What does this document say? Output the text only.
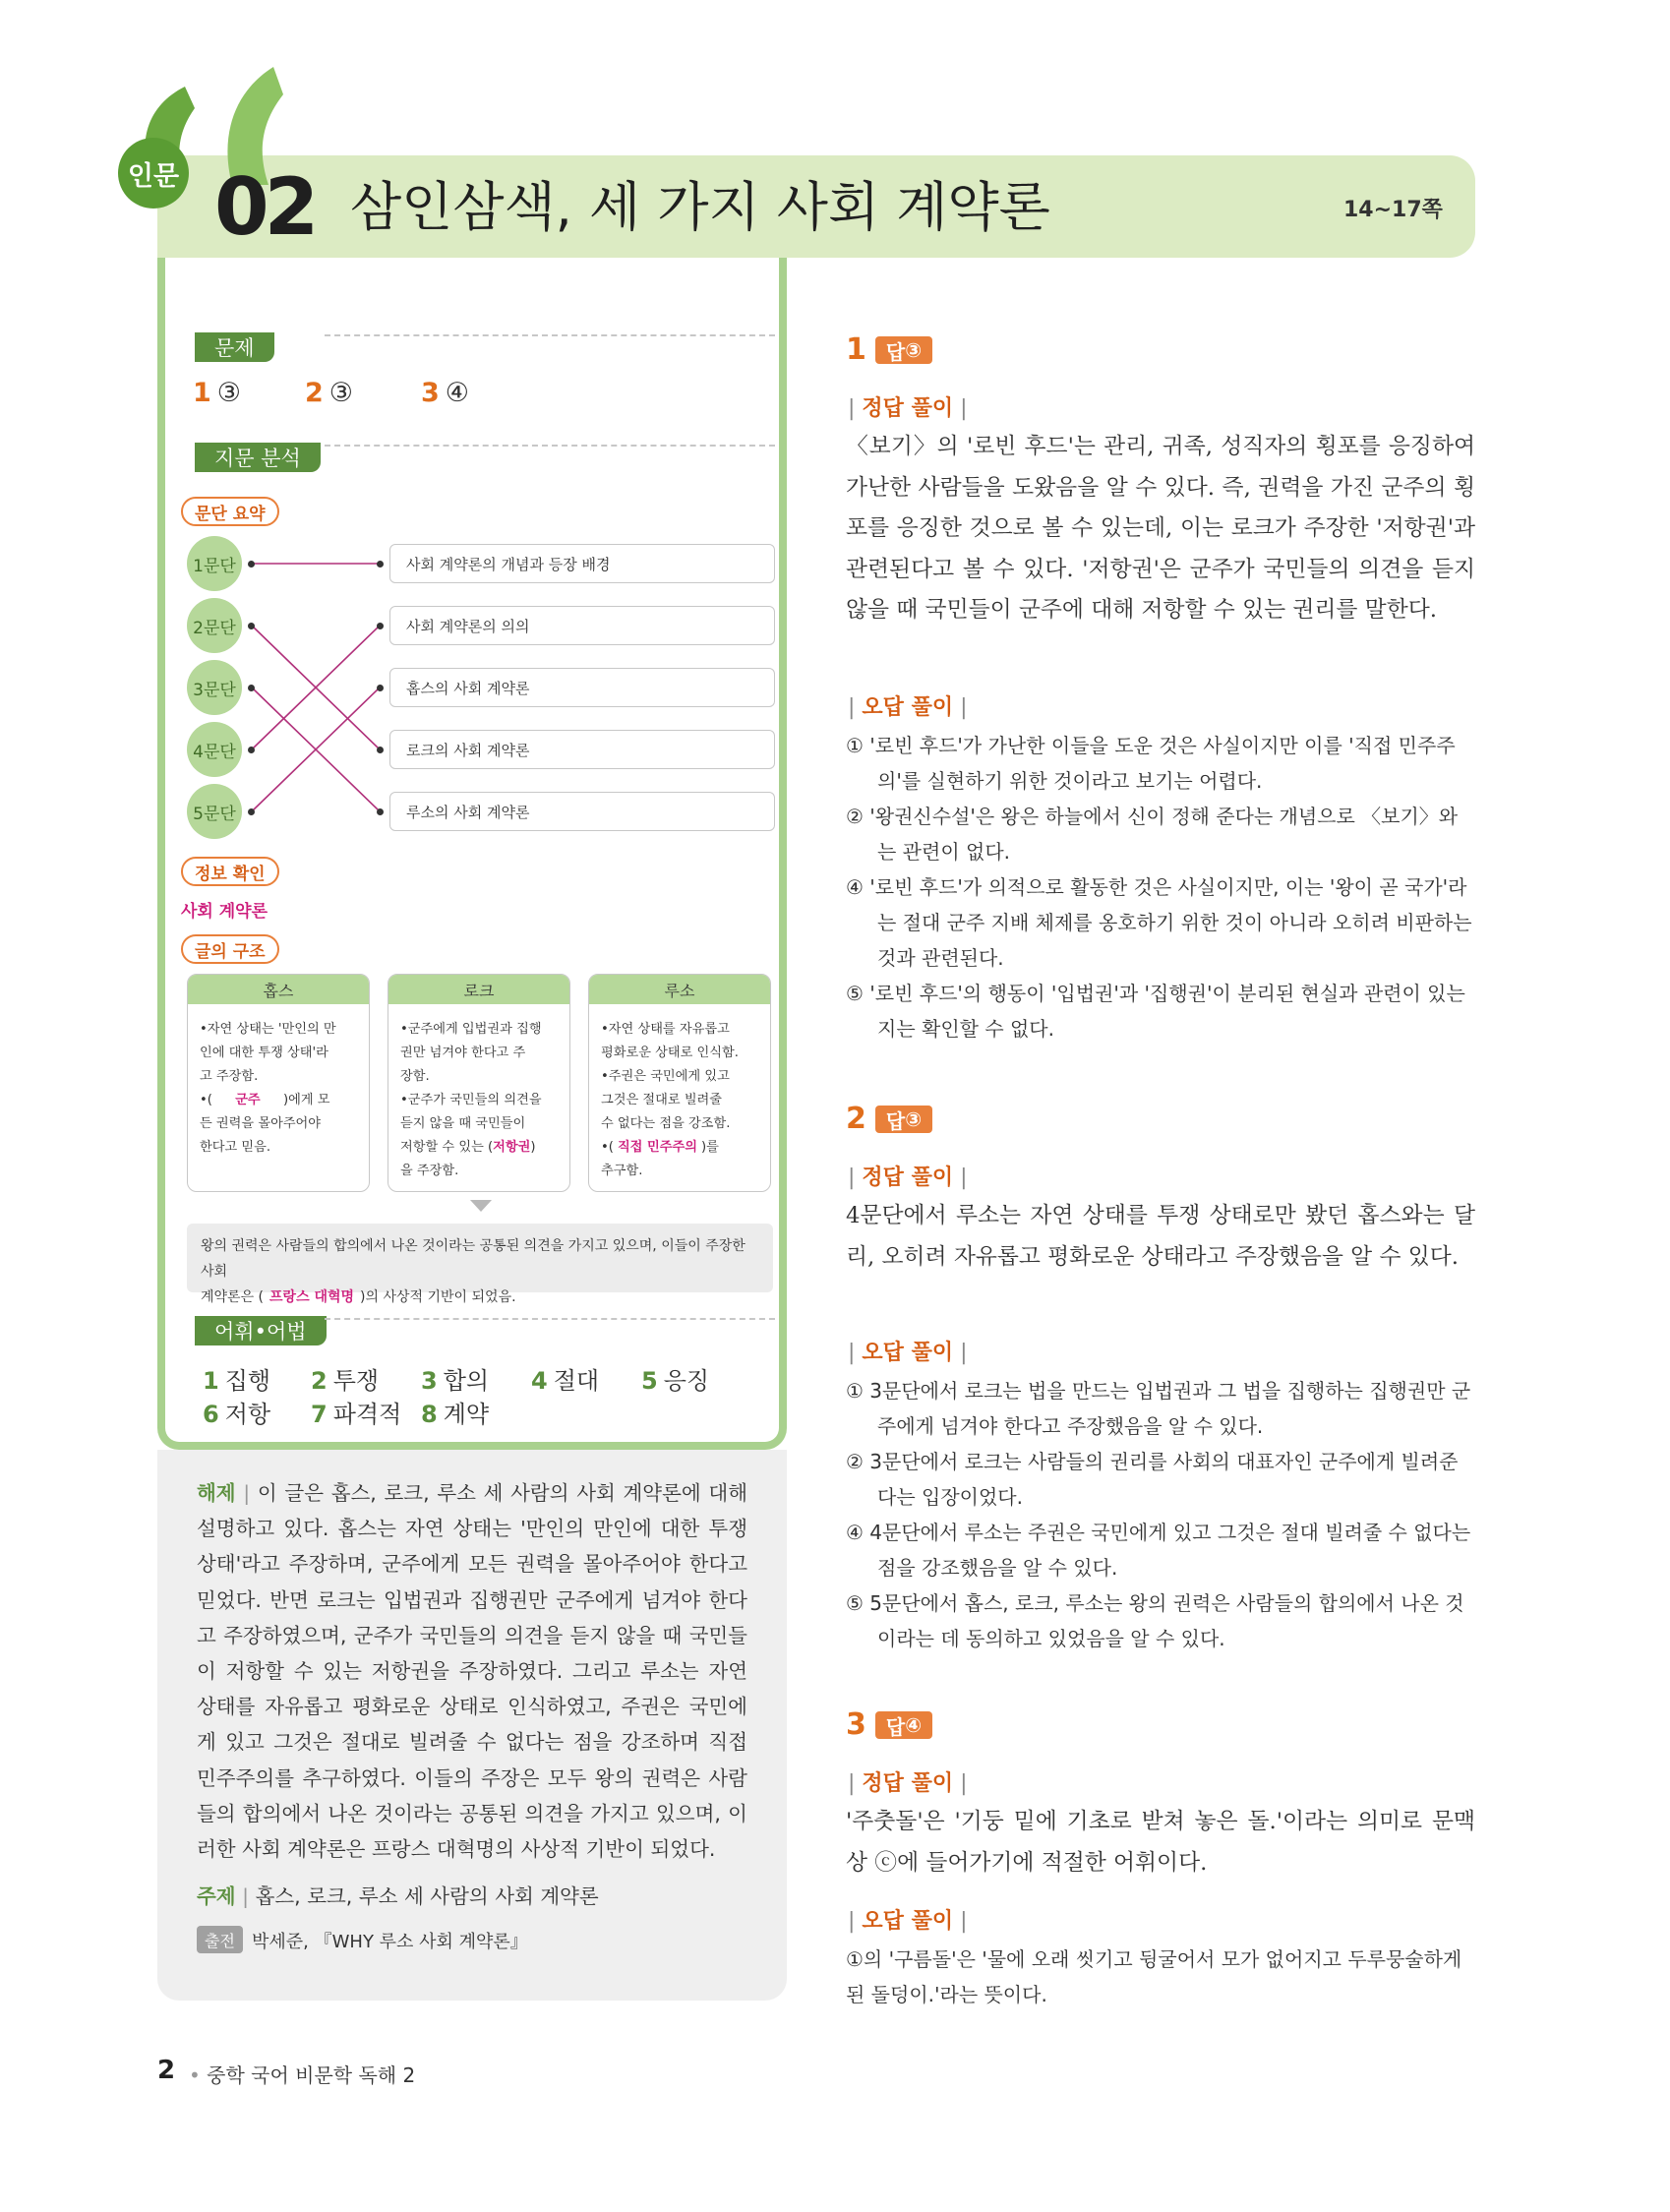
인문 02 삼인삼색, 세 가지 사회 계약론	14~17쪽
문제
1 ③ 2 ③	3 ④
지문 분석
문단 요약
1문단
2문단
3문단
4문단
5문단
사회 계약론의 개념과 등장 배경
사회 계약론의 의의
홉스의 사회 계약론
로크의 사회 계약론
루소의 사회 계약론
정보 확인
사회 계약론
글의 구조
홉스
•자연 상태는 '만인의 만
인에 대한 투쟁 상태'라
고 주장함.
•( 군주 )에게 모
든 권력을 몰아주어야
한다고 믿음.
로크
•군주에게 입법권과 집행
권만 넘겨야 한다고 주
장함.
•군주가 국민들의 의견을
듣지 않을 때 국민들이
저항할 수 있는 (저항권)
을 주장함.
루소
•자연 상태를 자유롭고
평화로운 상태로 인식함.
•주권은 국민에게 있고
그것은 절대로 빌려줄
수 없다는 점을 강조함.
•( 직접 민주주의 )를
추구함.
왕의 권력은 사람들의 합의에서 나온 것이라는 공통된 의견을 가지고 있으며, 이들이 주장한 사회
계약론은 ( 프랑스 대혁명 )의 사상적 기반이 되었음.
어휘•어법
1 집행 2 투쟁 3 합의 4 절대 5 응징
6 저항 7 파격적 8 계약
해제 | 이 글은 홉스, 로크, 루소 세 사람의 사회 계약론에 대해 설명하고 있다. 홉스는 자연 상태는 '만인의 만인에 대한 투쟁 상태'라고 주장하며, 군주에게 모든 권력을 몰아주어야 한다고 믿었다. 반면 로크는 입법권과 집행권만 군주에게 넘겨야 한다고 주장하였으며, 군주가 국민들의 의견을 듣지 않을 때 국민들이 저항할 수 있는 저항권을 주장하였다. 그리고 루소는 자연 상태를 자유롭고 평화로운 상태로 인식하였고, 주권은 국민에게 있고 그것은 절대로 빌려줄 수 없다는 점을 강조하며 직접 민주주의를 추구하였다. 이들의 주장은 모두 왕의 권력은 사람들의 합의에서 나온 것이라는 공통된 의견을 가지고 있으며, 이러한 사회 계약론은 프랑스 대혁명의 사상적 기반이 되었다.
주제 | 홉스, 로크, 루소 세 사람의 사회 계약론
출전 박세준, 『WHY 루소 사회 계약론』
1 답 ③
| 정답 풀이 |
〈보기〉의 '로빈 후드'는 관리, 귀족, 성직자의 횡포를 응징하여 가난한 사람들을 도왔음을 알 수 있다. 즉, 권력을 가진 군주의 횡포를 응징한 것으로 볼 수 있는데, 이는 로크가 주장한 '저항권'과 관련된다고 볼 수 있다. '저항권'은 군주가 국민들의 의견을 듣지 않을 때 국민들이 군주에 대해 저항할 수 있는 권리를 말한다.
| 오답 풀이 |

① '로빈 후드'가 가난한 이들을 도운 것은 사실이지만 이를 '직접 민주주의'를 실현하기 위한 것이라고 보기는 어렵다.

② '왕권신수설'은 왕은 하늘에서 신이 정해 준다는 개념으로 〈보기〉와는 관련이 없다.

④ '로빈 후드'가 의적으로 활동한 것은 사실이지만, 이는 '왕이 곧 국가'라는 절대 군주 지배 체제를 옹호하기 위한 것이 아니라 오히려 비판하는 것과 관련된다.

⑤ '로빈 후드'의 행동이 '입법권'과 '집행권'이 분리된 현실과 관련이 있는지는 확인할 수 없다.

2 답 ③
| 정답 풀이 |
4문단에서 루소는 자연 상태를 투쟁 상태로만 봤던 홉스와는 달리, 오히려 자유롭고 평화로운 상태라고 주장했음을 알 수 있다.
| 오답 풀이 |

① 3문단에서 로크는 법을 만드는 입법권과 그 법을 집행하는 집행권만 군주에게 넘겨야 한다고 주장했음을 알 수 있다.

② 3문단에서 로크는 사람들의 권리를 사회의 대표자인 군주에게 빌려준다는 입장이었다.

④ 4문단에서 루소는 주권은 국민에게 있고 그것은 절대 빌려줄 수 없다는 점을 강조했음을 알 수 있다.

⑤ 5문단에서 홉스, 로크, 루소는 왕의 권력은 사람들의 합의에서 나온 것이라는 데 동의하고 있었음을 알 수 있다.

3 답 ④
| 정답 풀이 |
'주춧돌'은 '기둥 밑에 기초로 받쳐 놓은 돌.'이라는 의미로 문맥상 ⓒ에 들어가기에 적절한 어휘이다.
| 오답 풀이 |

①의 '구름돌'은 '물에 오래 씻기고 뒹굴어서 모가 없어지고 두루뭉술하게 된 돌덩이.'라는 뜻이다.

2 • 중학 국어 비문학 독해 2
